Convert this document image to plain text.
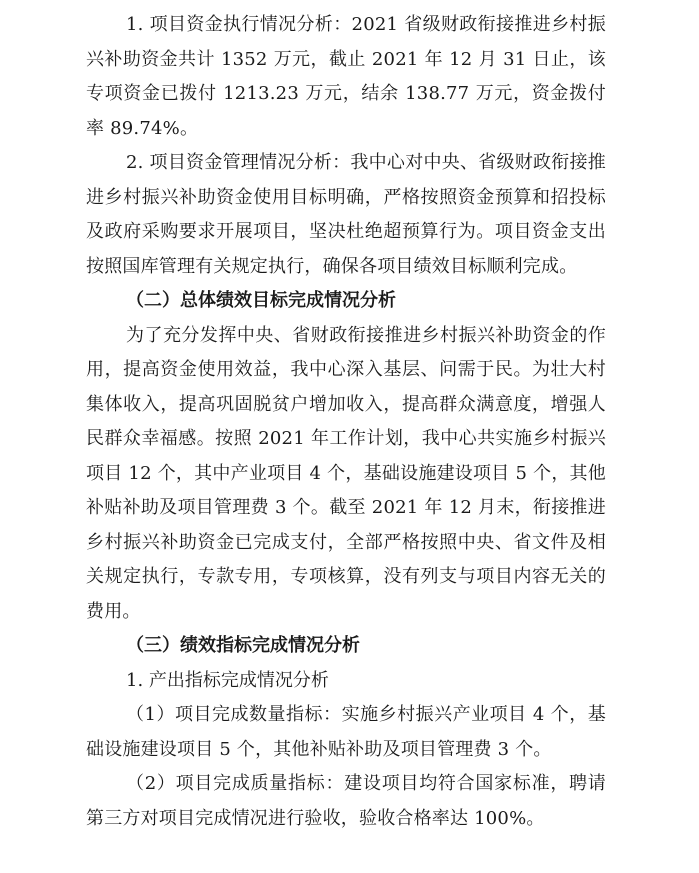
1. 项目资金执行情况分析：2021 省级财政衔接推进乡村振兴补助资金共计 1352 万元，截止 2021 年 12 月 31 日止，该专项资金已拨付 1213.23 万元，结余 138.77 万元，资金拨付率 89.74%。

2. 项目资金管理情况分析：我中心对中央、省级财政衔接推进乡村振兴补助资金使用目标明确，严格按照资金预算和招投标及政府采购要求开展项目，坚决杜绝超预算行为。项目资金支出按照国库管理有关规定执行，确保各项目绩效目标顺利完成。

（二）总体绩效目标完成情况分析

为了充分发挥中央、省财政衔接推进乡村振兴补助资金的作用，提高资金使用效益，我中心深入基层、问需于民。为壮大村集体收入，提高巩固脱贫户增加收入，提高群众满意度，增强人民群众幸福感。按照 2021 年工作计划，我中心共实施乡村振兴项目 12 个，其中产业项目 4 个，基础设施建设项目 5 个，其他补贴补助及项目管理费 3 个。截至 2021 年 12 月末，衔接推进乡村振兴补助资金已完成支付，全部严格按照中央、省文件及相关规定执行，专款专用，专项核算，没有列支与项目内容无关的费用。

（三）绩效指标完成情况分析

1. 产出指标完成情况分析

（1）项目完成数量指标：实施乡村振兴产业项目 4 个，基础设施建设项目 5 个，其他补贴补助及项目管理费 3 个。

（2）项目完成质量指标：建设项目均符合国家标准，聘请第三方对项目完成情况进行验收，验收合格率达 100%。
